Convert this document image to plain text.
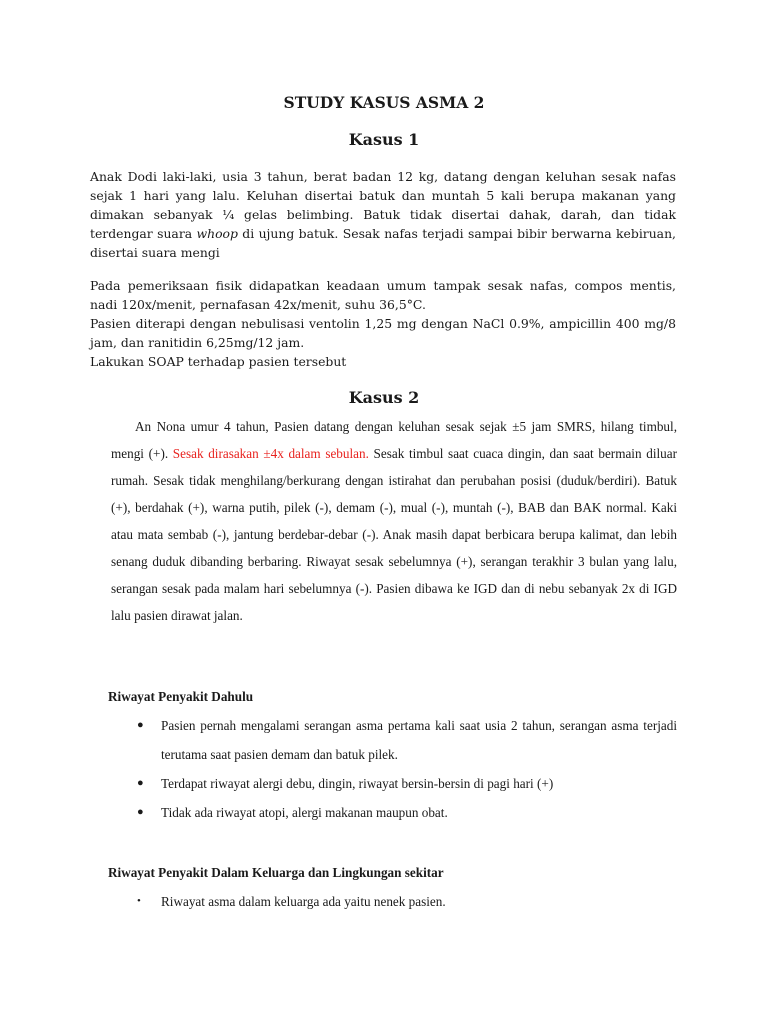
STUDY KASUS ASMA 2
Kasus 1
Anak Dodi laki-laki, usia 3 tahun, berat badan 12 kg, datang dengan keluhan sesak nafas
sejak 1 hari yang lalu. Keluhan disertai batuk dan muntah 5 kali berupa makanan yang
dimakan sebanyak ¼ gelas belimbing. Batuk tidak disertai dahak, darah, dan tidak
terdengar suara whoop di ujung batuk. Sesak nafas terjadi sampai bibir berwarna kebiruan,
disertai suara mengi
Pada pemeriksaan fisik didapatkan keadaan umum tampak sesak nafas, compos mentis,
nadi 120x/menit, pernafasan 42x/menit, suhu 36,5°C.
Pasien diterapi dengan nebulisasi ventolin 1,25 mg dengan NaCl 0.9%, ampicillin 400 mg/8
jam, dan ranitidin 6,25mg/12 jam.
Lakukan SOAP terhadap pasien tersebut
Kasus 2

An Nona umur 4 tahun, Pasien datang dengan keluhan sesak sejak ±5 jam SMRS, hilang timbul, mengi (+). Sesak dirasakan ±4x dalam sebulan. Sesak timbul saat cuaca dingin, dan saat bermain diluar rumah. Sesak tidak menghilang/berkurang dengan istirahat dan perubahan posisi (duduk/berdiri). Batuk (+), berdahak (+), warna putih, pilek (-), demam (-), mual (-), muntah (-), BAB dan BAK normal. Kaki atau mata sembab (-), jantung berdebar-debar (-). Anak masih dapat berbicara berupa kalimat, dan lebih senang duduk dibanding berbaring. Riwayat sesak sebelumnya (+), serangan terakhir 3 bulan yang lalu, serangan sesak pada malam hari sebelumnya (-). Pasien dibawa ke IGD dan di nebu sebanyak 2x di IGD lalu pasien dirawat jalan.

Riwayat Penyakit Dahulu
● Pasien pernah mengalami serangan asma pertama kali saat usia 2 tahun, serangan asma terjadi terutama saat pasien demam dan batuk pilek.
● Terdapat riwayat alergi debu, dingin, riwayat bersin-bersin di pagi hari (+)
● Tidak ada riwayat atopi, alergi makanan maupun obat.
Riwayat Penyakit Dalam Keluarga dan Lingkungan sekitar
• Riwayat asma dalam keluarga ada yaitu nenek pasien.
